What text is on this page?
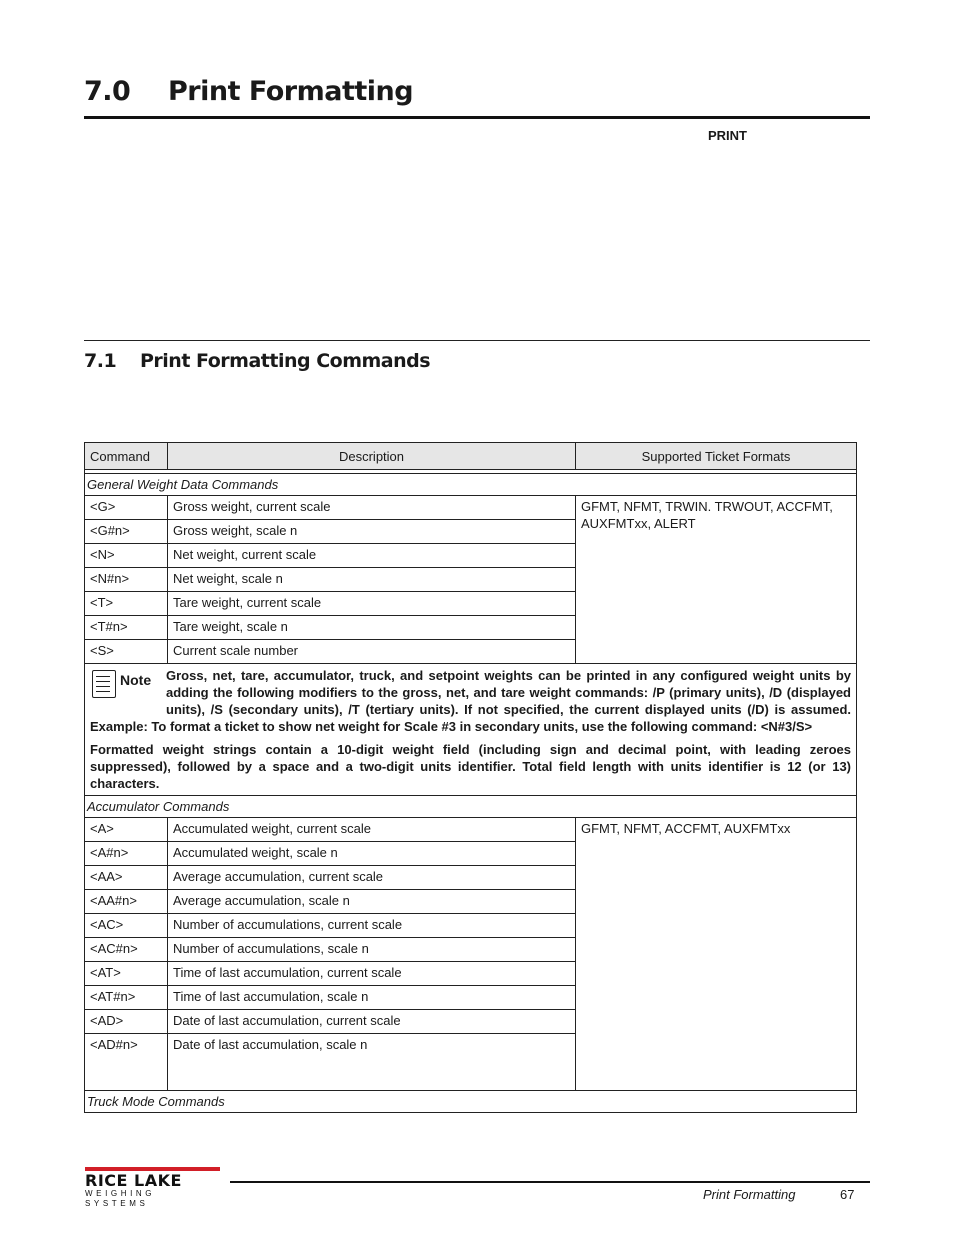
7.0 Print Formatting
PRINT
7.1 Print Formatting Commands
Command	Description	Supported Ticket Formats

General Weight Data Commands		
<G>	Gross weight, current scale	GFMT, NFMT, TRWIN. TRWOUT, ACCFMT, AUXFMTxx, ALERT
<G#n>	Gross weight, scale n	
<N>	Net weight, current scale	
<N#n>	Net weight, scale n	
<T>	Tare weight, current scale	
<T#n>	Tare weight, scale n	
<S>	Current scale number	

Note Gross, net, tare, accumulator, truck, and setpoint weights can be printed in any configured weight units by adding the following modifiers to the gross, net, and tare weight commands: /P (primary units), /D (displayed units), /S (secondary units), /T (tertiary units). If not specified, the current displayed units (/D) is assumed. Example: To format a ticket to show net weight for Scale #3 in secondary units, use the following command: <N#3/S>

Formatted weight strings contain a 10-digit weight field (including sign and decimal point, with leading zeroes suppressed), followed by a space and a two-digit units identifier. Total field length with units identifier is 12 (or 13) characters.		

Accumulator Commands		
<A>	Accumulated weight, current scale	GFMT, NFMT, ACCFMT, AUXFMTxx
<A#n>	Accumulated weight, scale n	
<AA>	Average accumulation, current scale	
<AA#n>	Average accumulation, scale n	
<AC>	Number of accumulations, current scale	
<AC#n>	Number of accumulations, scale n	
<AT>	Time of last accumulation, current scale	
<AT#n>	Time of last accumulation, scale n	
<AD>	Date of last accumulation, current scale	
<AD#n>	Date of last accumulation, scale n	
Truck Mode Commands		
RICE LAKE
WEIGHING SYSTEMS
Print Formatting	67
